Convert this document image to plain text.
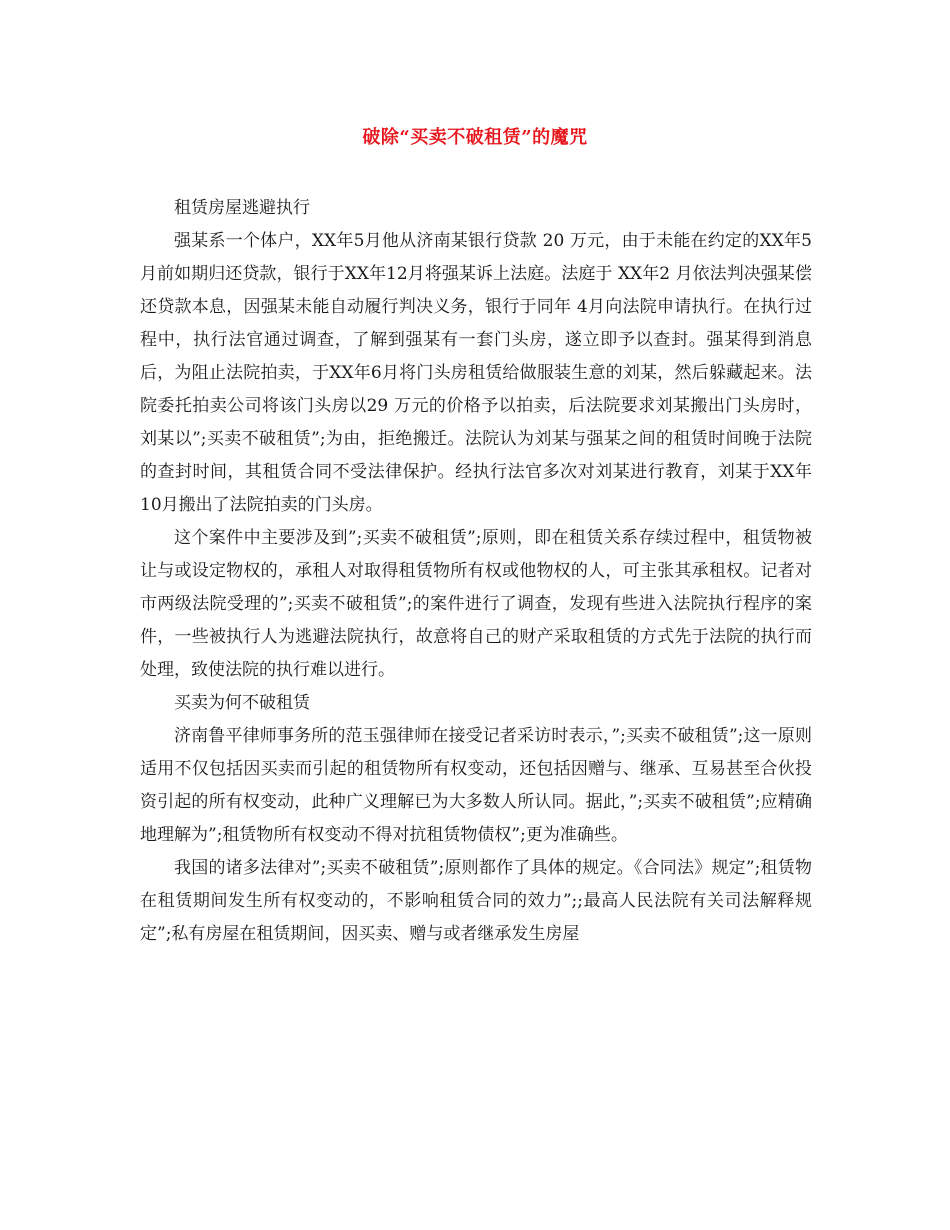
破除“买卖不破租赁”的魔咒

租赁房屋逃避执行

强某系一个体户，XX年5月他从济南某银行贷款 20 万元，由于未能在约定的XX年5月前如期归还贷款，银行于XX年12月将强某诉上法庭。法庭于 XX年2 月依法判决强某偿还贷款本息，因强某未能自动履行判决义务，银行于同年 4月向法院申请执行。在执行过程中，执行法官通过调查，了解到强某有一套门头房，遂立即予以查封。强某得到消息后，为阻止法院拍卖，于XX年6月将门头房租赁给做服装生意的刘某，然后躲藏起来。法院委托拍卖公司将该门头房以29 万元的价格予以拍卖，后法院要求刘某搬出门头房时，刘某以”;买卖不破租赁”;为由，拒绝搬迁。法院认为刘某与强某之间的租赁时间晚于法院的查封时间，其租赁合同不受法律保护。经执行法官多次对刘某进行教育，刘某于XX年10月搬出了法院拍卖的门头房。

这个案件中主要涉及到”;买卖不破租赁”;原则，即在租赁关系存续过程中，租赁物被让与或设定物权的，承租人对取得租赁物所有权或他物权的人，可主张其承租权。记者对市两级法院受理的”;买卖不破租赁”;的案件进行了调查，发现有些进入法院执行程序的案件，一些被执行人为逃避法院执行，故意将自己的财产采取租赁的方式先于法院的执行而处理，致使法院的执行难以进行。

买卖为何不破租赁

济南鲁平律师事务所的范玉强律师在接受记者采访时表示，”;买卖不破租赁”;这一原则适用不仅包括因买卖而引起的租赁物所有权变动，还包括因赠与、继承、互易甚至合伙投资引起的所有权变动，此种广义理解已为大多数人所认同。据此，”;买卖不破租赁”;应精确地理解为”;租赁物所有权变动不得对抗租赁物债权”;更为准确些。

我国的诸多法律对”;买卖不破租赁”;原则都作了具体的规定。《合同法》规定”;租赁物在租赁期间发生所有权变动的，不影响租赁合同的效力”;;最高人民法院有关司法解释规定”;私有房屋在租赁期间，因买卖、赠与或者继承发生房屋
